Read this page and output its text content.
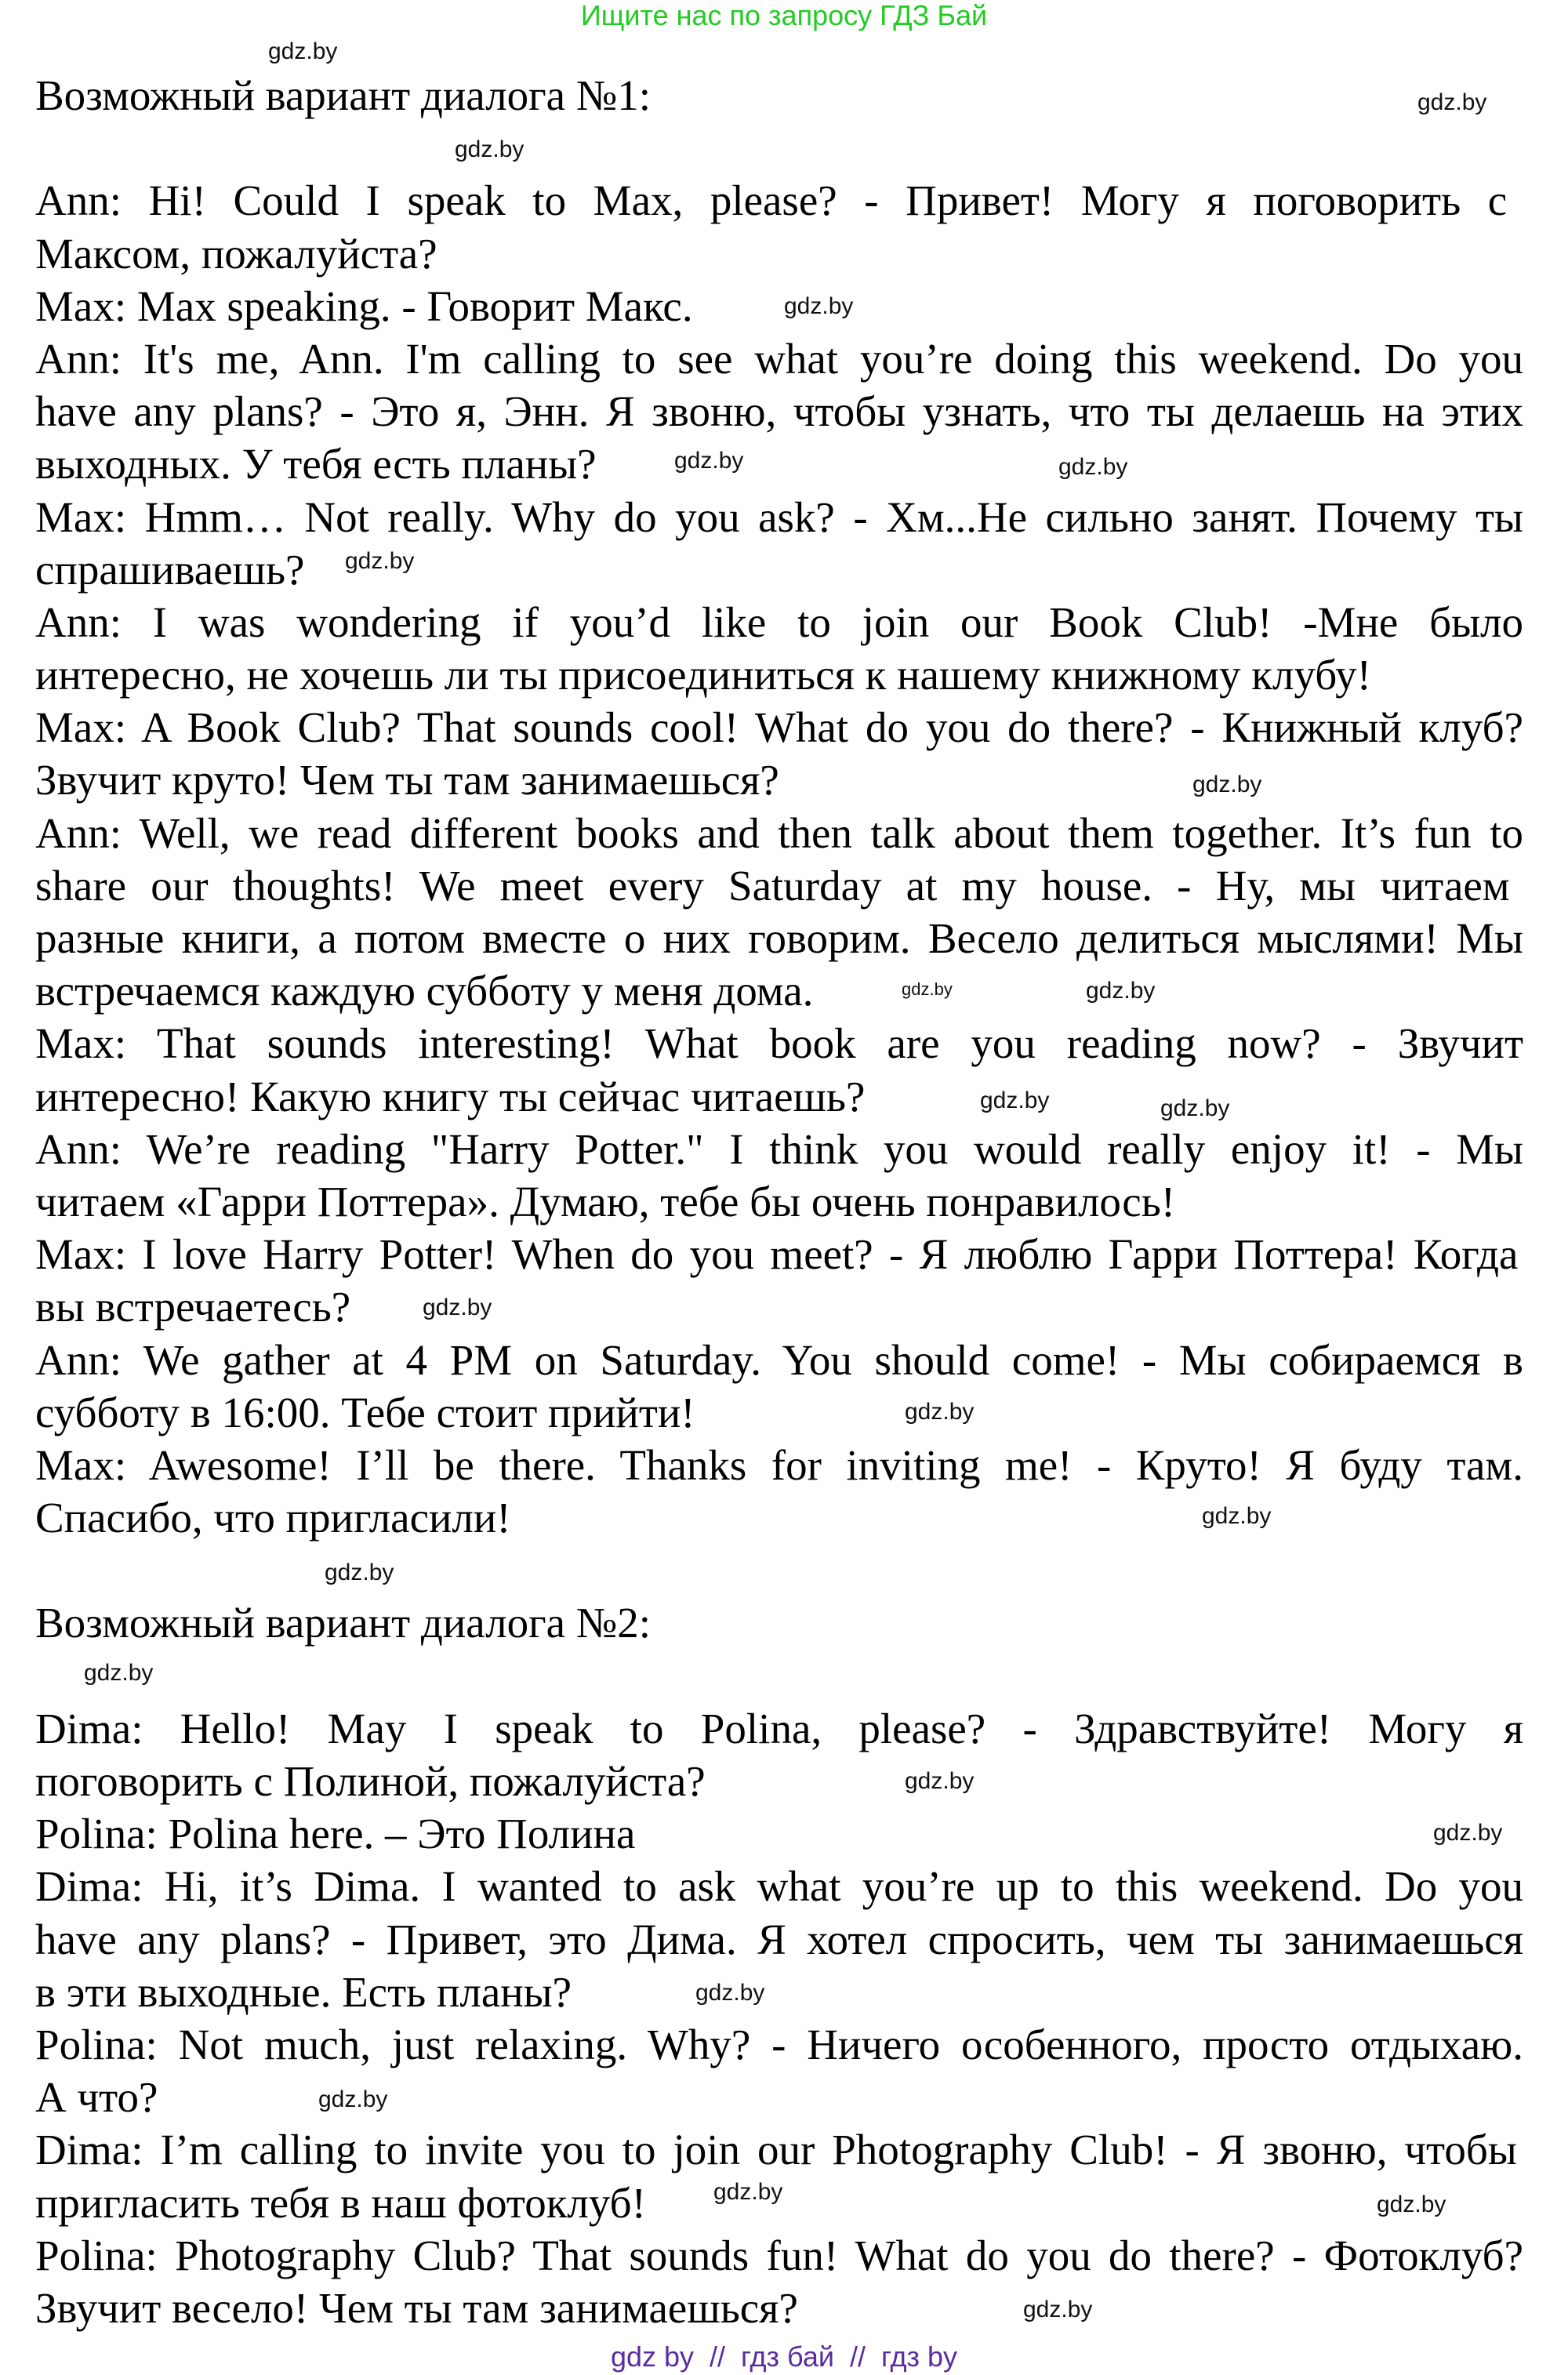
Ищите нас по запросу ГДЗ Бай
Возможный вариант диалога №1:
Ann: Hi! Could I speak to Max, please? - Привет! Могу я поговорить с
Максом, пожалуйста?
Max: Max speaking. - Говорит Макс.
Ann: It's me, Ann. I'm calling to see what you’re doing this weekend. Do you
have any plans? - Это я, Энн. Я звоню, чтобы узнать, что ты делаешь на этих
выходных. У тебя есть планы?
Max: Hmm… Not really. Why do you ask? - Хм...Не сильно занят. Почему ты
спрашиваешь?
Ann: I was wondering if you’d like to join our Book Club! -Мне было
интересно, не хочешь ли ты присоединиться к нашему книжному клубу!
Max: A Book Club? That sounds cool! What do you do there? - Книжный клуб?
Звучит круто! Чем ты там занимаешься?
Ann: Well, we read different books and then talk about them together. It’s fun to
share our thoughts! We meet every Saturday at my house. - Ну, мы читаем
разные книги, а потом вместе о них говорим. Весело делиться мыслями! Мы
встречаемся каждую субботу у меня дома.
Max: That sounds interesting! What book are you reading now? - Звучит
интересно! Какую книгу ты сейчас читаешь?
Ann: We’re reading "Harry Potter." I think you would really enjoy it! - Мы
читаем «Гарри Поттера». Думаю, тебе бы очень понравилось!
Max: I love Harry Potter! When do you meet? - Я люблю Гарри Поттера! Когда
вы встречаетесь?
Ann: We gather at 4 PM on Saturday. You should come! - Мы собираемся в
субботу в 16:00. Тебе стоит прийти!
Max: Awesome! I’ll be there. Thanks for inviting me! - Круто! Я буду там.
Спасибо, что пригласили!
Возможный вариант диалога №2:
Dima: Hello! May I speak to Polina, please? - Здравствуйте! Могу я
поговорить с Полиной, пожалуйста?
Polina: Polina here. – Это Полина
Dima: Hi, it’s Dima. I wanted to ask what you’re up to this weekend. Do you
have any plans? - Привет, это Дима. Я хотел спросить, чем ты занимаешься
в эти выходные. Есть планы?
Polina: Not much, just relaxing. Why? - Ничего особенного, просто отдыхаю.
А что?
Dima: I’m calling to invite you to join our Photography Club! - Я звоню, чтобы
пригласить тебя в наш фотоклуб!
Polina: Photography Club? That sounds fun! What do you do there? - Фотоклуб?
Звучит весело! Чем ты там занимаешься?
gdz.by
gdz.by
gdz.by
gdz.by
gdz.by	gdz.by
gdz.by
gdz.by
gdz.by
gdz.by
gdz.by
gdz.by
gdz.by
gdz.by
gdz.by
gdz.by
gdz.by
gdz.by
gdz.by
gdz.by
gdz.by
gdz.by	gdz.by
gdz.by
gdz by  //  гдз бай  //  гдз by
